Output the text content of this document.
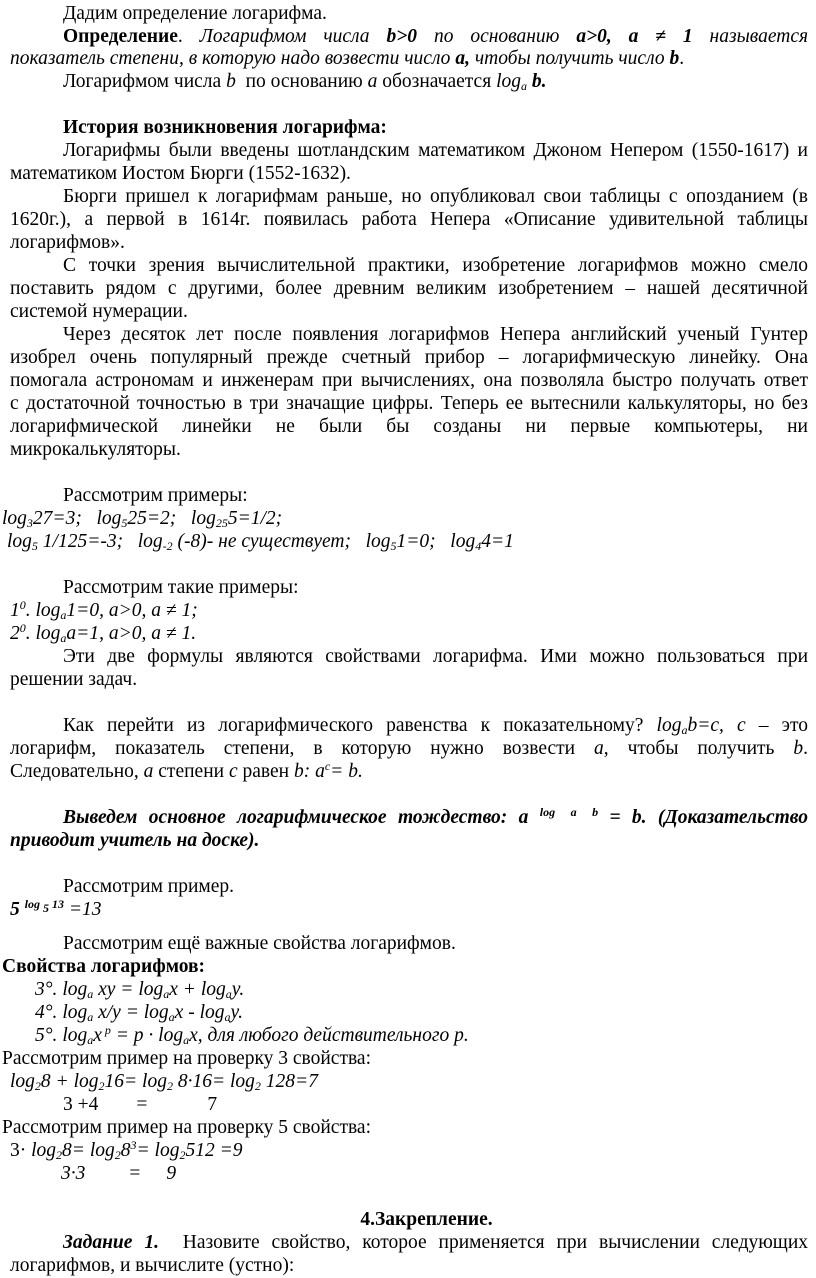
Дадим определение логарифма.
Определение. Логарифмом числа b>0 по основанию a>0, a ≠ 1 называется
показатель степени, в которую надо возвести число a, чтобы получить число b.
Логарифмом числа b по основанию a обозначается $\log_a b$.
История возникновения логарифма:
Логарифмы были введены шотландским математиком Джоном Непером (1550-1617) и
математиком Иостом Бюрги (1552-1632).
Бюрги пришел к логарифмам раньше, но опубликовал свои таблицы с опозданием (в
1620г.), а первой в 1614г. появилась работа Непера «Описание удивительной таблицы
логарифмов».
С точки зрения вычислительной практики, изобретение логарифмов можно смело
поставить рядом с другими, более древним великим изобретением – нашей десятичной
системой нумерации.
Через десяток лет после появления логарифмов Непера английский ученый Гунтер
изобрел очень популярный прежде счетный прибор – логарифмическую линейку. Она
помогала астрономам и инженерам при вычислениях, она позволяла быстро получать ответ
с достаточной точностью в три значащие цифры. Теперь ее вытеснили калькуляторы, но без
логарифмической линейки не были бы созданы ни первые компьютеры, ни
микрокалькуляторы.
Рассмотрим примеры:
$\log_327=3$; $\log_525=2$; $\log_{25}5=1/2$;
$\log_5 1/125=-3$; $\log_{-2} (-8)-$ не существует; $\log_51=0$; $\log_44=1$
Рассмотрим такие примеры:
$1^0$. $\log_a1=0$, a>0, a ≠ 1;
$2^0$. $\log_aa=1$, a>0, a ≠ 1.
Эти две формулы являются свойствами логарифма. Ими можно пользоваться при
решении задач.
Как перейти из логарифмического равенства к показательному? $\log_ab=c$, c – это
логарифм, показатель степени, в которую нужно возвести a, чтобы получить b.
Следовательно, a степени c равен b: $a^c= b$.
Выведем основное логарифмическое тождество: a $^{log a b}$ = b. (Доказательство
приводит учитель на доске).
Рассмотрим пример.
5 $^{log _5 13}$ =13
Рассмотрим ещё важные свойства логарифмов.
Свойства логарифмов:
3°. $\log_a$ xy = $\log_ax + \log_ay$.
4°. $\log_a x/y = \log_ax - \log_ay$.
5°. $\log_ax$ $^p = p \cdot \log_ax$, для любого действительного p.
Рассмотрим пример на проверку 3 свойства:
$\log_28 + \log_216= \log_2 8\cdot 16= \log_2 128=7$
3 +4 =	7
Рассмотрим пример на проверку 5 свойства:
$3\cdot \log_28= \log_28^3= \log_2512 =9$
3·3 = 9
4.Закрепление.
Задание 1. Назовите свойство, которое применяется при вычислении следующих
логарифмов, и вычислите (устно):
